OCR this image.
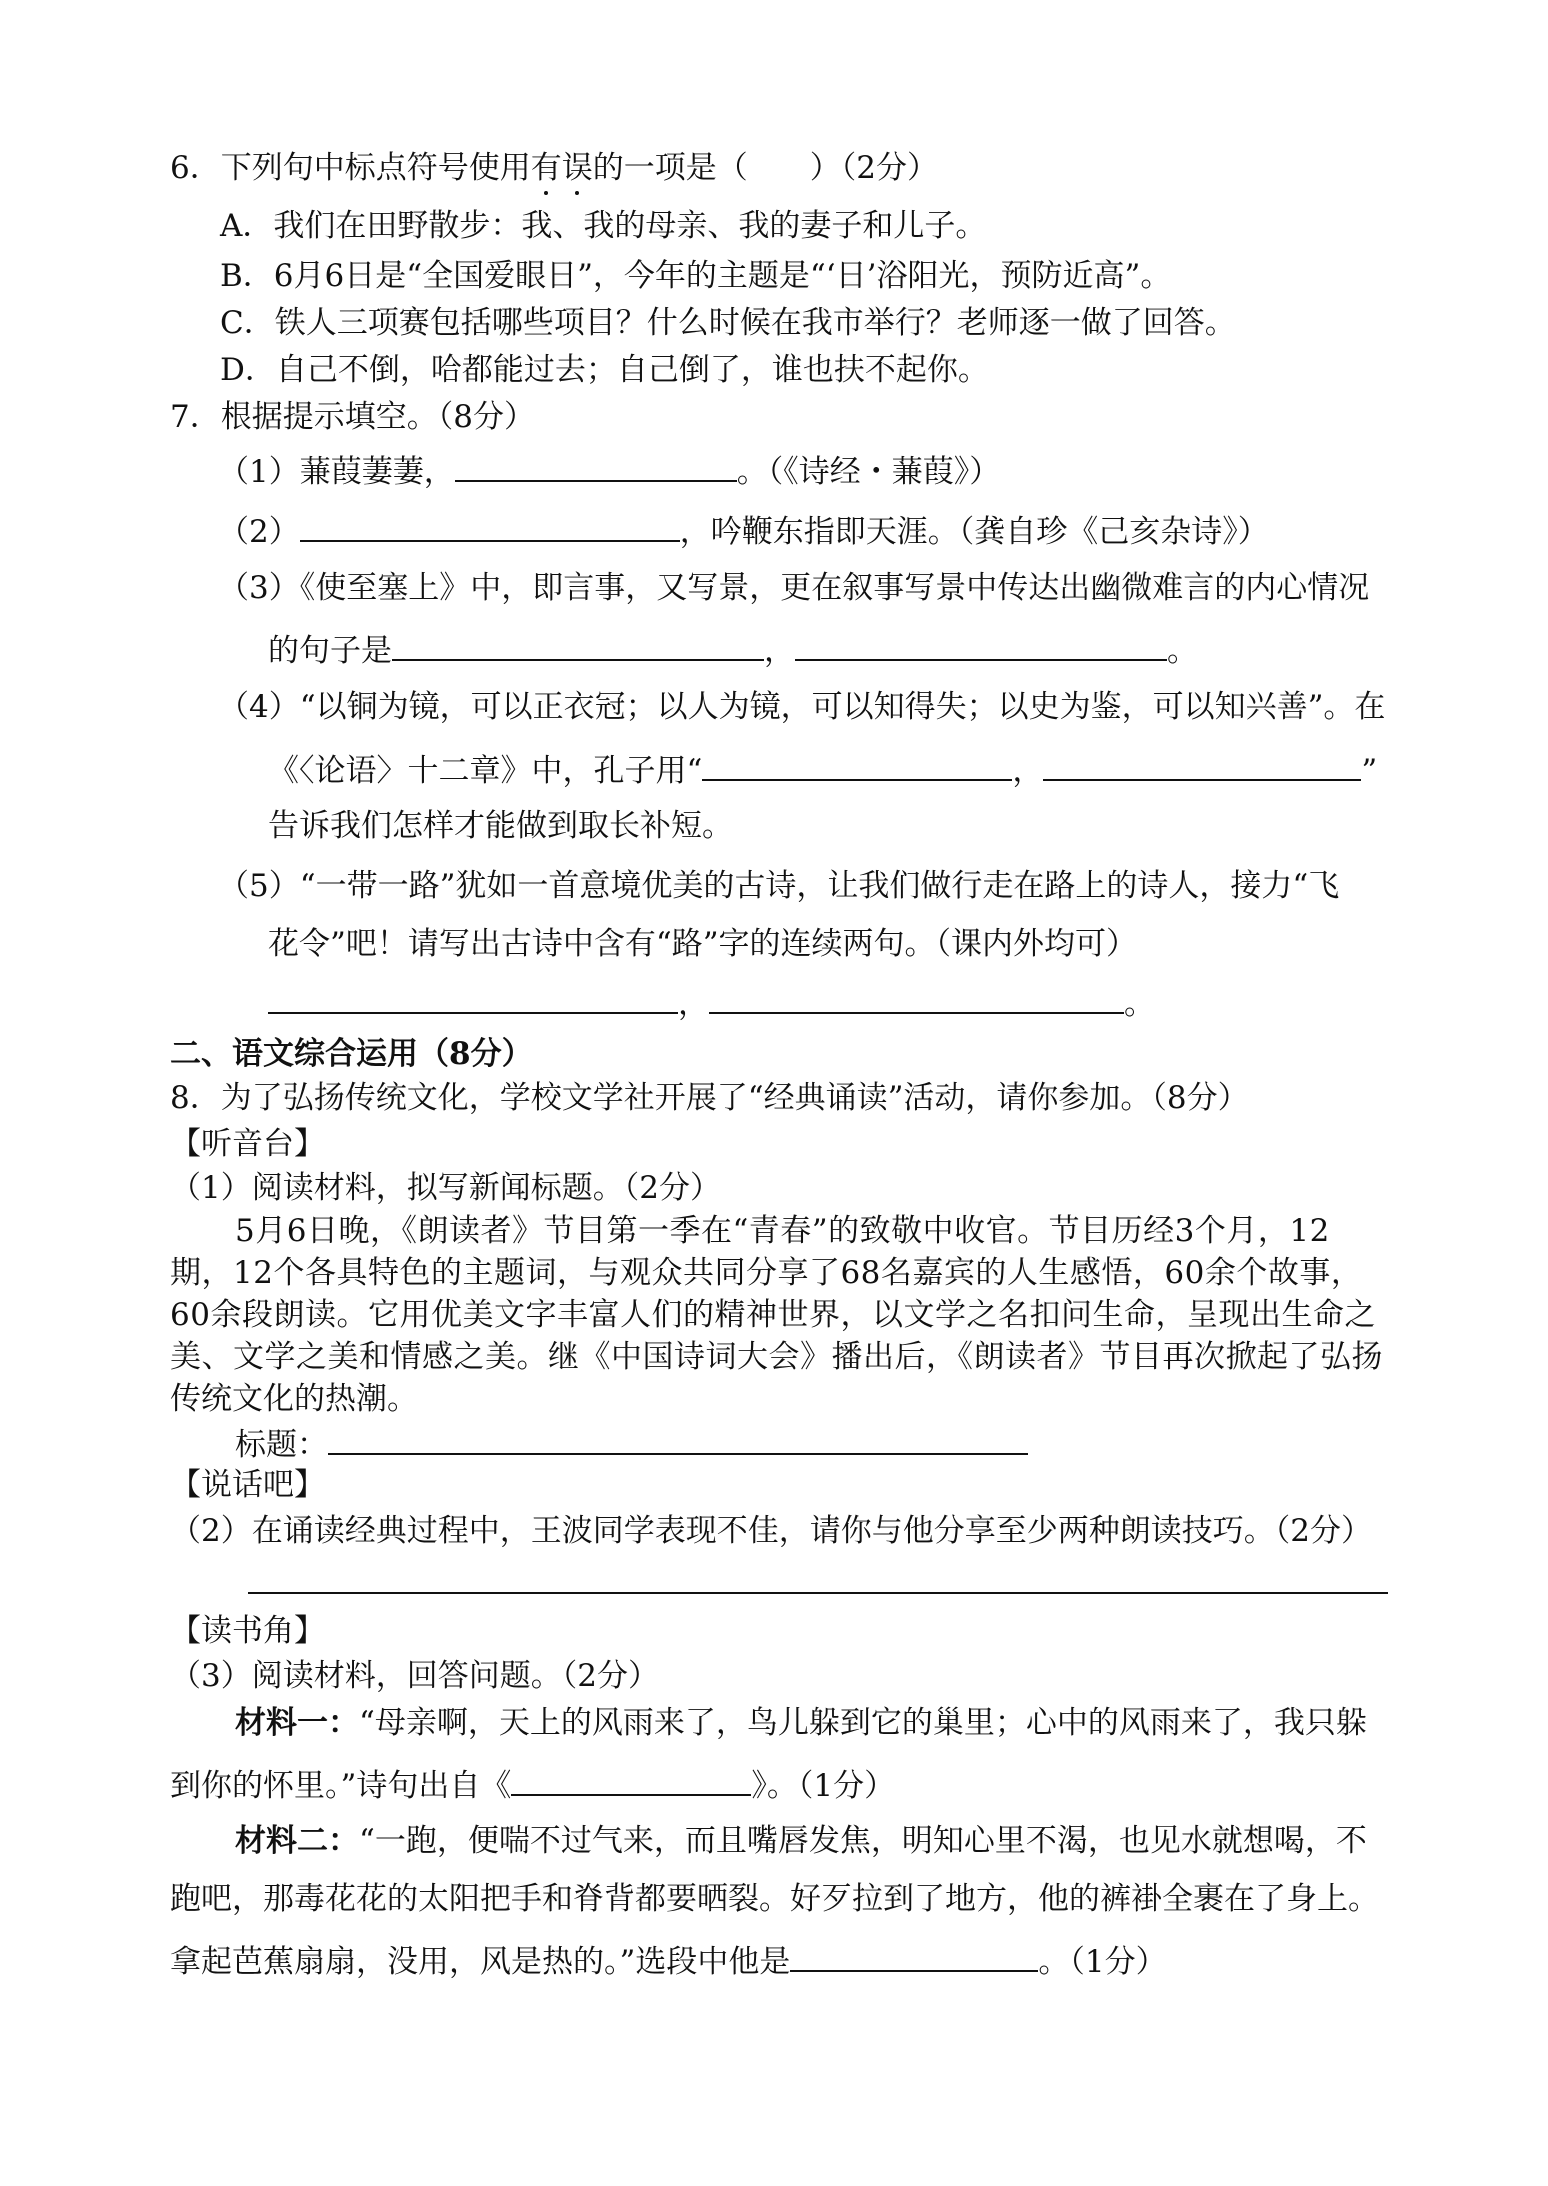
6．下列句中标点符号使用有误的一项是（　　）（2分）
A．我们在田野散步：我、我的母亲、我的妻子和儿子。
B．6月6日是“全国爱眼日”，今年的主题是“‘日’浴阳光，预防近高”。
C．铁人三项赛包括哪些项目？什么时候在我市举行？老师逐一做了回答。
D．自己不倒，哈都能过去；自己倒了，谁也扶不起你。
7．根据提示填空。（8分）
（1）蒹葭萋萋，	。（《诗经・蒹葭》）
（2）	，吟鞭东指即天涯。（龚自珍《己亥杂诗》）
（3）《使至塞上》中，即言事，又写景，更在叙事写景中传达出幽微难言的内心情况
的句子是	，	。
（4）“以铜为镜，可以正衣冠；以人为镜，可以知得失；以史为鉴，可以知兴善”。在
《〈论语〉十二章》中，孔子用“	，	”
告诉我们怎样才能做到取长补短。
（5）“一带一路”犹如一首意境优美的古诗，让我们做行走在路上的诗人，接力“飞
花令”吧！请写出古诗中含有“路”字的连续两句。（课内外均可）
，	。
二、语文综合运用（8分）
8．为了弘扬传统文化，学校文学社开展了“经典诵读”活动，请你参加。（8分）
【听音台】
（1）阅读材料，拟写新闻标题。（2分）
5月6日晚，《朗读者》节目第一季在“青春”的致敬中收官。节目历经3个月，12
期，12个各具特色的主题词，与观众共同分享了68名嘉宾的人生感悟，60余个故事，
60余段朗读。它用优美文字丰富人们的精神世界，以文学之名扣问生命，呈现出生命之
美、文学之美和情感之美。继《中国诗词大会》播出后，《朗读者》节目再次掀起了弘扬
传统文化的热潮。
标题：
【说话吧】
（2）在诵读经典过程中，王波同学表现不佳，请你与他分享至少两种朗读技巧。（2分）
【读书角】
（3）阅读材料，回答问题。（2分）
材料一：“母亲啊，天上的风雨来了，鸟儿躲到它的巢里；心中的风雨来了，我只躲
到你的怀里。”诗句出自《	》。（1分）
材料二：“一跑，便喘不过气来，而且嘴唇发焦，明知心里不渴，也见水就想喝，不
跑吧，那毒花花的太阳把手和脊背都要晒裂。好歹拉到了地方，他的裤褂全裹在了身上。
拿起芭蕉扇扇，没用，风是热的。”选段中他是	。（1分）
